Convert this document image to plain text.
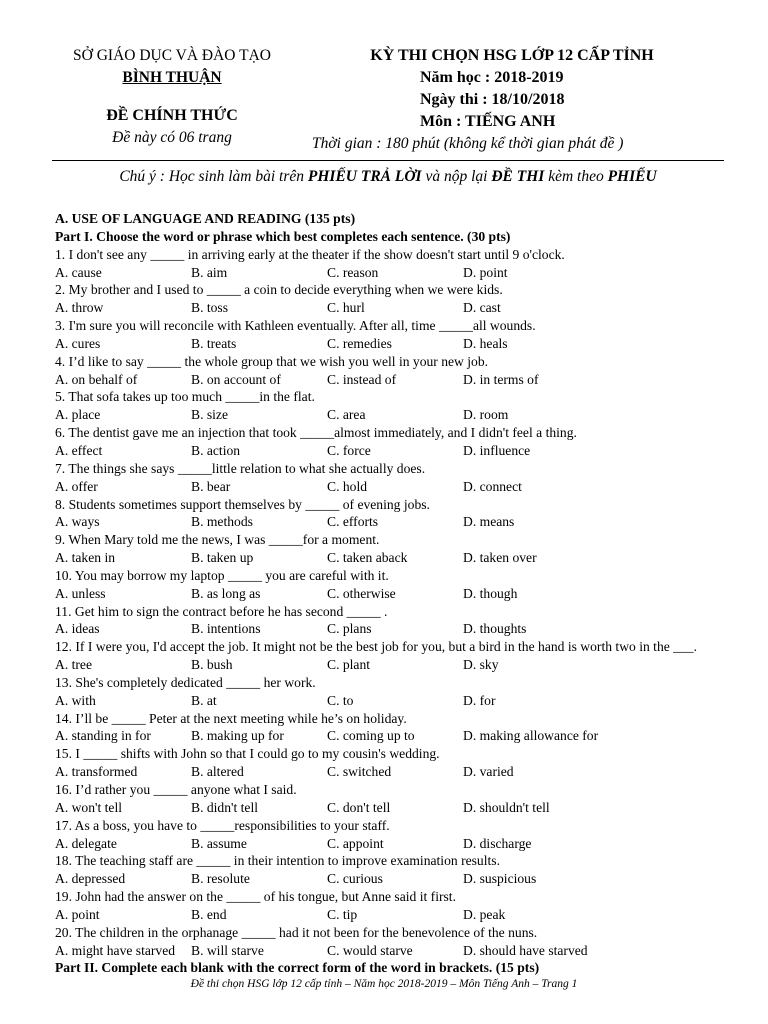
SỞ GIÁO DỤC VÀ ĐÀO TẠO
BÌNH THUẬN
ĐỀ CHÍNH THỨC
Đề này có 06 trang
KỲ THI CHỌN HSG LỚP 12 CẤP TỈNH
Năm học : 2018-2019
Ngày thi : 18/10/2018
Môn : TIẾNG ANH
Thời gian : 180 phút (không kể thời gian phát đề )
Chú ý : Học sinh làm bài trên PHIẾU TRẢ LỜI và nộp lại ĐỀ THI kèm theo PHIẾU
A. USE OF LANGUAGE AND READING (135 pts)
Part I. Choose the word or phrase which best completes each sentence. (30 pts)
1. I don't see any _____ in arriving early at the theater if the show doesn't start until 9 o'clock.
A. cause	B. aim	C. reason	D. point
2. My brother and I used to _____ a coin to decide everything when we were kids.
A. throw	B. toss	C. hurl	D. cast
3. I'm sure you will reconcile with Kathleen eventually. After all, time _____all wounds.
A. cures	B. treats	C. remedies	D. heals
4. I’d like to say _____ the whole group that we wish you well in your new job.
A. on behalf of	B. on account of	C. instead of	D. in terms of
5. That sofa takes up too much _____in the flat.
A. place	B. size	C. area	D. room
6. The dentist gave me an injection that took _____almost immediately, and I didn't feel a thing.
A. effect	B. action	C. force	D. influence
7. The things she says _____little relation to what she actually does.
A. offer	B. bear	C. hold	D. connect
8. Students sometimes support themselves by _____ of evening jobs.
A. ways	B. methods	C. efforts	D. means
9. When Mary told me the news, I was _____for a moment.
A. taken in	B. taken up	C. taken aback	D. taken over
10. You may borrow my laptop _____ you are careful with it.
A. unless	B. as long as	C. otherwise	D. though
11. Get him to sign the contract before he has second _____ .
A. ideas	B. intentions	C. plans	D. thoughts
12. If I were you, I'd accept the job. It might not be the best job for you, but a bird in the hand is worth two in the ___.
A. tree	B. bush	C. plant	D. sky
13. She's completely dedicated _____ her work.
A. with	B. at	C. to	D. for
14. I’ll be _____ Peter at the next meeting while he’s on holiday.
A. standing in for	B. making up for	C. coming up to	D. making allowance for
15. I _____ shifts with John so that I could go to my cousin's wedding.
A. transformed	B. altered	C. switched	D. varied
16. I’d rather you _____ anyone what I said.
A. won't tell	B. didn't tell	C. don't tell	D. shouldn't tell
17. As a boss, you have to _____responsibilities to your staff.
A. delegate	B. assume	C. appoint	D. discharge
18. The teaching staff are _____ in their intention to improve examination results.
A. depressed	B. resolute	C. curious	D. suspicious
19. John had the answer on the _____ of his tongue, but Anne said it first.
A. point	B. end	C. tip	D. peak
20. The children in the orphanage _____ had it not been for the benevolence of the nuns.
A. might have starved	B. will starve	C. would starve	D. should have starved
Part II. Complete each blank with the correct form of the word in brackets. (15 pts)
Đề thi chọn HSG lớp 12 cấp tỉnh – Năm học 2018-2019 – Môn Tiếng Anh – Trang 1
